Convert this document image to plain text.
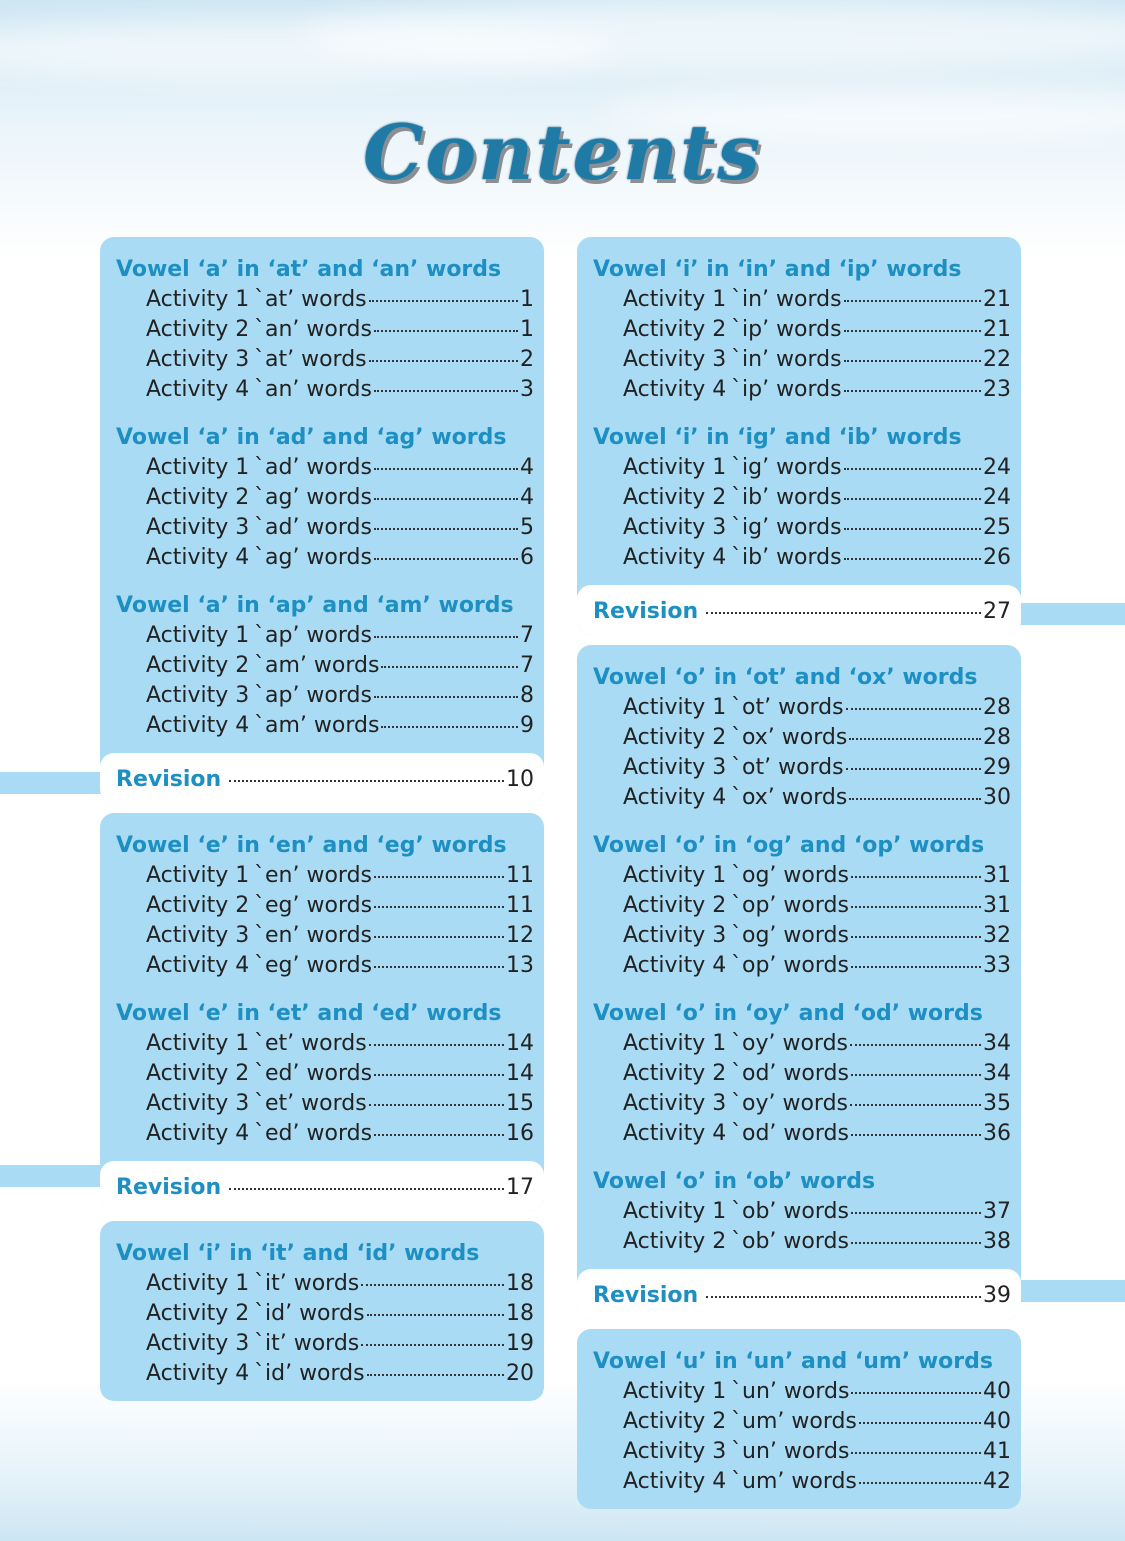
Contents
Vowel ‘a’ in ‘at’ and ‘an’ words
Activity 1 `at’ words	1
Activity 2 `an’ words	1
Activity 3 `at’ words	2
Activity 4 `an’ words	3
Vowel ‘a’ in ‘ad’ and ‘ag’ words
Activity 1 `ad’ words	4
Activity 2 `ag’ words	4
Activity 3 `ad’ words	5
Activity 4 `ag’ words	6
Vowel ‘a’ in ‘ap’ and ‘am’ words
Activity 1 `ap’ words	7
Activity 2 `am’ words	7
Activity 3 `ap’ words	8
Activity 4 `am’ words	9
Revision	10
Vowel ‘e’ in ‘en’ and ‘eg’ words
Activity 1 `en’ words	11
Activity 2 `eg’ words	11
Activity 3 `en’ words	12
Activity 4 `eg’ words	13
Vowel ‘e’ in ‘et’ and ‘ed’ words
Activity 1 `et’ words	14
Activity 2 `ed’ words	14
Activity 3 `et’ words	15
Activity 4 `ed’ words	16
Revision	17
Vowel ‘i’ in ‘it’ and ‘id’ words
Activity 1 `it’ words	18
Activity 2 `id’ words	18
Activity 3 `it’ words	19
Activity 4 `id’ words	20
Vowel ‘i’ in ‘in’ and ‘ip’ words
Activity 1 `in’ words	21
Activity 2 `ip’ words	21
Activity 3 `in’ words	22
Activity 4 `ip’ words	23
Vowel ‘i’ in ‘ig’ and ‘ib’ words
Activity 1 `ig’ words	24
Activity 2 `ib’ words	24
Activity 3 `ig’ words	25
Activity 4 `ib’ words	26
Revision	27
Vowel ‘o’ in ‘ot’ and ‘ox’ words
Activity 1 `ot’ words	28
Activity 2 `ox’ words	28
Activity 3 `ot’ words	29
Activity 4 `ox’ words	30
Vowel ‘o’ in ‘og’ and ‘op’ words
Activity 1 `og’ words	31
Activity 2 `op’ words	31
Activity 3 `og’ words	32
Activity 4 `op’ words	33
Vowel ‘o’ in ‘oy’ and ‘od’ words
Activity 1 `oy’ words	34
Activity 2 `od’ words	34
Activity 3 `oy’ words	35
Activity 4 `od’ words	36
Vowel ‘o’ in ‘ob’ words
Activity 1 `ob’ words	37
Activity 2 `ob’ words	38
Revision	39
Vowel ‘u’ in ‘un’ and ‘um’ words
Activity 1 `un’ words	40
Activity 2 `um’ words	40
Activity 3 `un’ words	41
Activity 4 `um’ words	42
